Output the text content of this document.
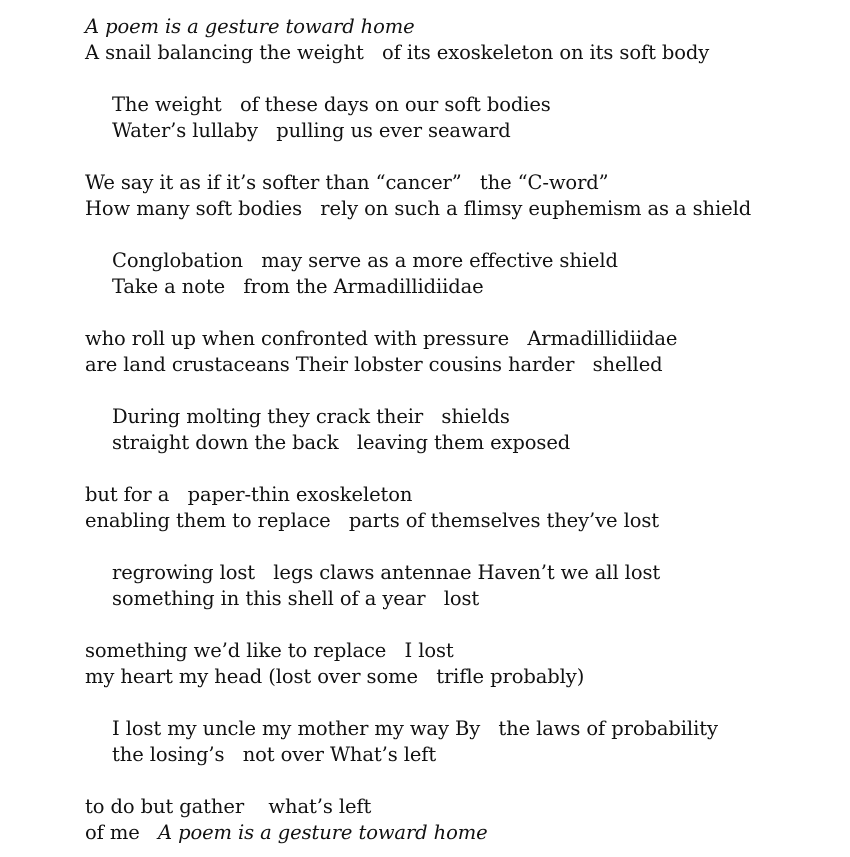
A poem is a gesture toward home
A snail balancing the weight   of its exoskeleton on its soft body
The weight   of these days on our soft bodies
Water’s lullaby   pulling us ever seaward
We say it as if it’s softer than “cancer”   the “C-word”
How many soft bodies   rely on such a flimsy euphemism as a shield
Conglobation   may serve as a more effective shield
Take a note   from the Armadillidiidae
who roll up when confronted with pressure   Armadillidiidae
are land crustaceans Their lobster cousins harder   shelled
During molting they crack their   shields
straight down the back   leaving them exposed
but for a   paper-thin exoskeleton
enabling them to replace   parts of themselves they’ve lost
regrowing lost   legs claws antennae Haven’t we all lost
something in this shell of a year   lost
something we’d like to replace   I lost
my heart my head (lost over some   trifle probably)
I lost my uncle my mother my way By   the laws of probability
the losing’s   not over What’s left
to do but gather    what’s left
of me   A poem is a gesture toward home
